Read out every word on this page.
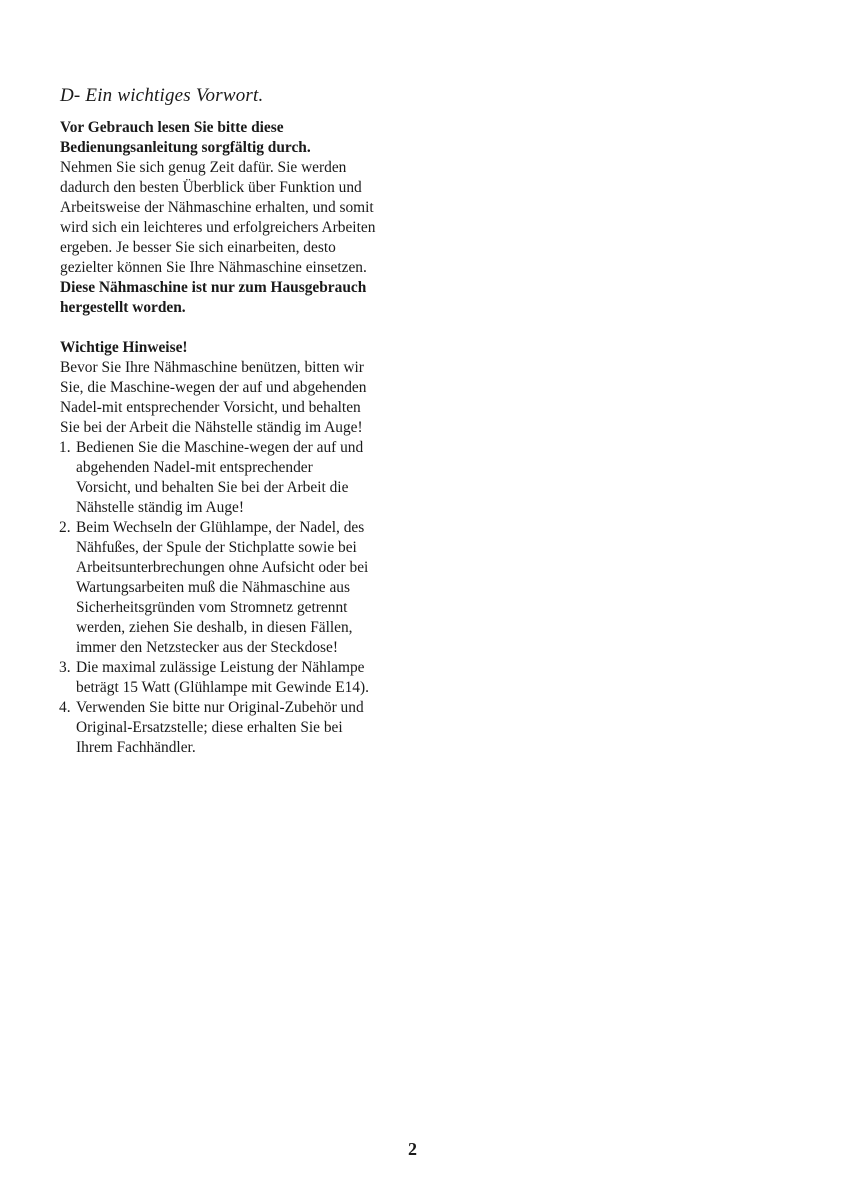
D- Ein wichtiges Vorwort.
Vor Gebrauch lesen Sie bitte diese
Bedienungsanleitung sorgfältig durch.
Nehmen Sie sich genug Zeit dafür. Sie werden
dadurch den besten Überblick über Funktion und
Arbeitsweise der Nähmaschine erhalten, und somit
wird sich ein leichteres und erfolgreichers Arbeiten
ergeben. Je besser Sie sich einarbeiten, desto
gezielter können Sie Ihre Nähmaschine einsetzen.
Diese Nähmaschine ist nur zum Hausgebrauch
hergestellt worden.
Wichtige Hinweise!
Bevor Sie Ihre Nähmaschine benützen, bitten wir
Sie, die Maschine-wegen der auf und abgehenden
Nadel-mit entsprechender Vorsicht, und behalten
Sie bei der Arbeit die Nähstelle ständig im Auge!
1. Bedienen Sie die Maschine-wegen der auf und
abgehenden Nadel-mit entsprechender
Vorsicht, und behalten Sie bei der Arbeit die
Nähstelle ständig im Auge!
2. Beim Wechseln der Glühlampe, der Nadel, des
Nähfußes, der Spule der Stichplatte sowie bei
Arbeitsunterbrechungen ohne Aufsicht oder bei
Wartungsarbeiten muß die Nähmaschine aus
Sicherheitsgründen vom Stromnetz getrennt
werden, ziehen Sie deshalb, in diesen Fällen,
immer den Netzstecker aus der Steckdose!
3. Die maximal zulässige Leistung der Nählampe
beträgt 15 Watt (Glühlampe mit Gewinde E14).
4. Verwenden Sie bitte nur Original-Zubehör und
Original-Ersatzstelle; diese erhalten Sie bei
Ihrem Fachhändler.
2
